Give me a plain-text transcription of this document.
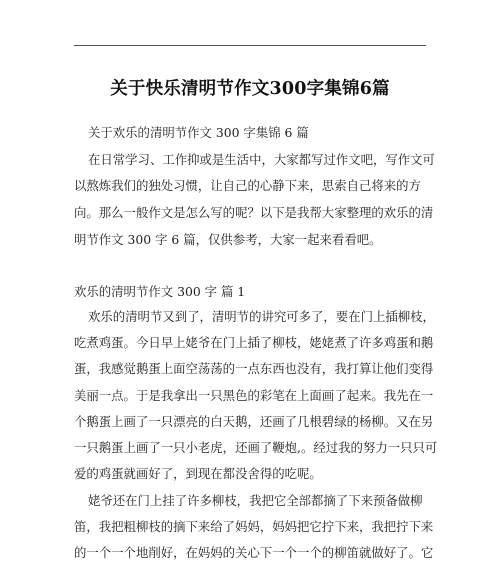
关于快乐清明节作文300字集锦6篇
关于欢乐的清明节作文 300 字集锦 6 篇
在日常学习、工作抑或是生活中，大家都写过作文吧，写作文可
以熬炼我们的独处习惯，让自己的心静下来，思索自己将来的方
向。那么一般作文是怎么写的呢？以下是我帮大家整理的欢乐的清
明节作文 300 字 6 篇，仅供参考，大家一起来看看吧。
欢乐的清明节作文 300 字 篇 1
欢乐的清明节又到了，清明节的讲究可多了，要在门上插柳枝，
吃煮鸡蛋。今日早上姥爷在门上插了柳枝，姥姥煮了许多鸡蛋和鹅
蛋，我感觉鹅蛋上面空荡荡的一点东西也没有，我打算让他们变得
美丽一点。于是我拿出一只黑色的彩笔在上面画了起来。我先在一
个鹅蛋上画了一只漂亮的白天鹅，还画了几根碧绿的杨柳。又在另
一只鹅蛋上画了一只小老虎，还画了鞭炮,。经过我的努力一只只可
爱的鸡蛋就画好了，到现在都没舍得的吃呢。
姥爷还在门上挂了许多柳枝，我把它全部都摘了下来预备做柳
笛，我把粗柳枝的摘下来给了妈妈，妈妈把它拧下来，我把拧下来
的一个一个地削好，在妈妈的关心下一个一个的柳笛就做好了。它
